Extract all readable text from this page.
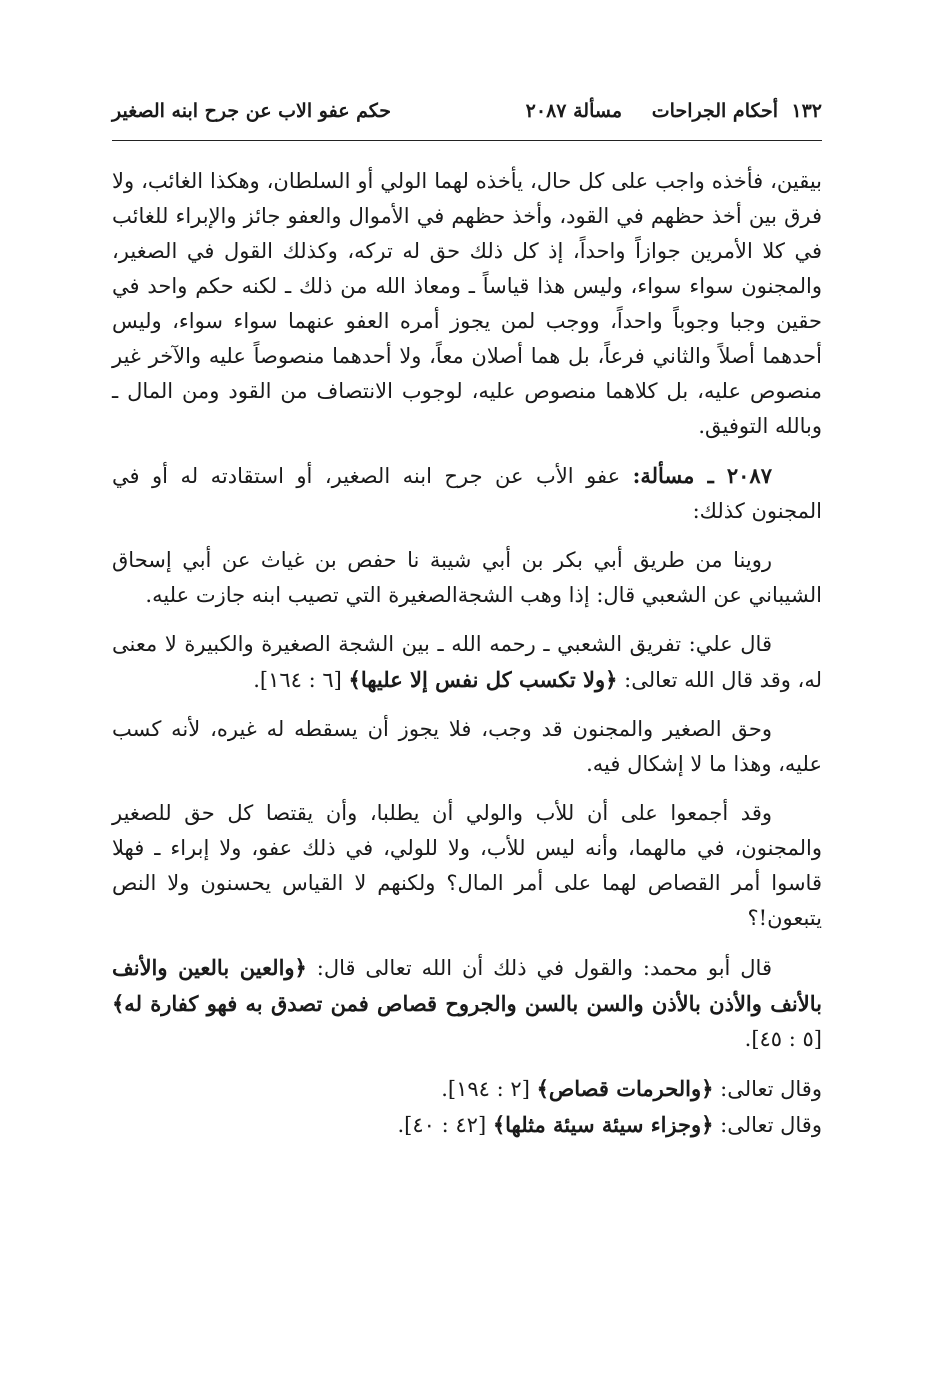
١٣٢
أحكام الجراحات
مسألة ٢٠٨٧
حكم عفو الاب عن جرح ابنه الصغير

بيقين، فأخذه واجب على كل حال، يأخذه لهما الولي أو السلطان، وهكذا الغائب، ولا فرق بين أخذ حظهم في القود، وأخذ حظهم في الأموال والعفو جائز والإبراء للغائب في كلا الأمرين جوازاً واحداً، إذ كل ذلك حق له تركه، وكذلك القول في الصغير، والمجنون سواء سواء، وليس هذا قياساً ـ ومعاذ الله من ذلك ـ لكنه حكم واحد في حقين وجبا وجوباً واحداً، ووجب لمن يجوز أمره العفو عنهما سواء سواء، وليس أحدهما أصلاً والثاني فرعاً، بل هما أصلان معاً، ولا أحدهما منصوصاً عليه والآخر غير منصوص عليه، بل كلاهما منصوص عليه، لوجوب الانتصاف من القود ومن المال ـ وبالله التوفيق.

٢٠٨٧ ـ مسألة: عفو الأب عن جرح ابنه الصغير، أو استقادته له أو في المجنون كذلك:

روينا من طريق أبي بكر بن أبي شيبة نا حفص بن غياث عن أبي إسحاق الشيباني عن الشعبي قال: إذا وهب الشجةالصغيرة التي تصيب ابنه جازت عليه.

قال علي: تفريق الشعبي ـ رحمه الله ـ بين الشجة الصغيرة والكبيرة لا معنى له، وقد قال الله تعالى: ﴿ولا تكسب كل نفس إلا عليها﴾ [٦ : ١٦٤].

وحق الصغير والمجنون قد وجب، فلا يجوز أن يسقطه له غيره، لأنه كسب عليه، وهذا ما لا إشكال فيه.

وقد أجمعوا على أن للأب والولي أن يطلبا، وأن يقتصا كل حق للصغير والمجنون، في مالهما، وأنه ليس للأب، ولا للولي، في ذلك عفو، ولا إبراء ـ فهلا قاسوا أمر القصاص لهما على أمر المال؟ ولكنهم لا القياس يحسنون ولا النص يتبعون!؟

قال أبو محمد: والقول في ذلك أن الله تعالى قال: ﴿والعين بالعين والأنف بالأنف والأذن بالأذن والسن بالسن والجروح قصاص فمن تصدق به فهو كفارة له﴾ [٥ : ٤٥].

وقال تعالى: ﴿والحرمات قصاص﴾ [٢ : ١٩٤].
وقال تعالى: ﴿وجزاء سيئة سيئة مثلها﴾ [٤٢ : ٤٠].
